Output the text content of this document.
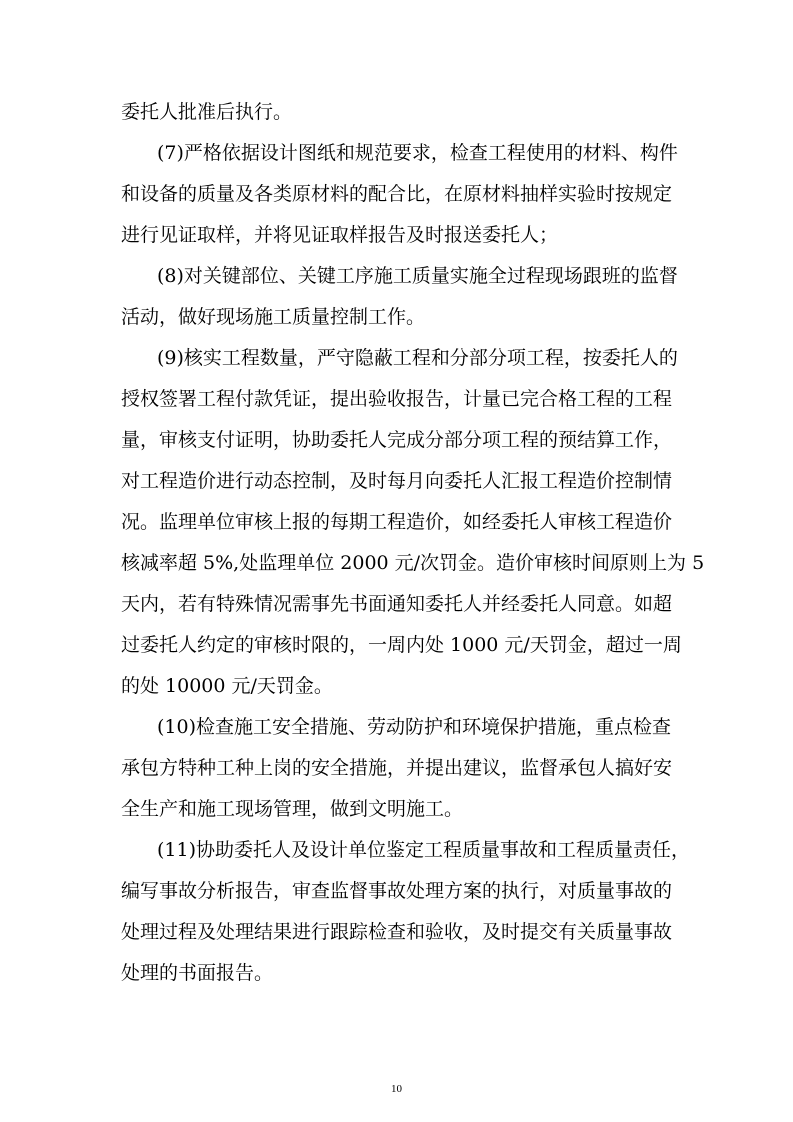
委托人批准后执行。
(7)严格依据设计图纸和规范要求，检查工程使用的材料、构件
和设备的质量及各类原材料的配合比，在原材料抽样实验时按规定
进行见证取样，并将见证取样报告及时报送委托人；
(8)对关键部位、关键工序施工质量实施全过程现场跟班的监督
活动，做好现场施工质量控制工作。
(9)核实工程数量，严守隐蔽工程和分部分项工程，按委托人的
授权签署工程付款凭证，提出验收报告，计量已完合格工程的工程
量，审核支付证明，协助委托人完成分部分项工程的预结算工作，
对工程造价进行动态控制，及时每月向委托人汇报工程造价控制情
况。监理单位审核上报的每期工程造价，如经委托人审核工程造价
核减率超 5%,处监理单位 2000 元/次罚金。造价审核时间原则上为 5
天内，若有特殊情况需事先书面通知委托人并经委托人同意。如超
过委托人约定的审核时限的，一周内处 1000 元/天罚金，超过一周
的处 10000 元/天罚金。
(10)检查施工安全措施、劳动防护和环境保护措施，重点检查
承包方特种工种上岗的安全措施，并提出建议，监督承包人搞好安
全生产和施工现场管理，做到文明施工。
(11)协助委托人及设计单位鉴定工程质量事故和工程质量责任，
编写事故分析报告，审查监督事故处理方案的执行，对质量事故的
处理过程及处理结果进行跟踪检查和验收，及时提交有关质量事故
处理的书面报告。
10
